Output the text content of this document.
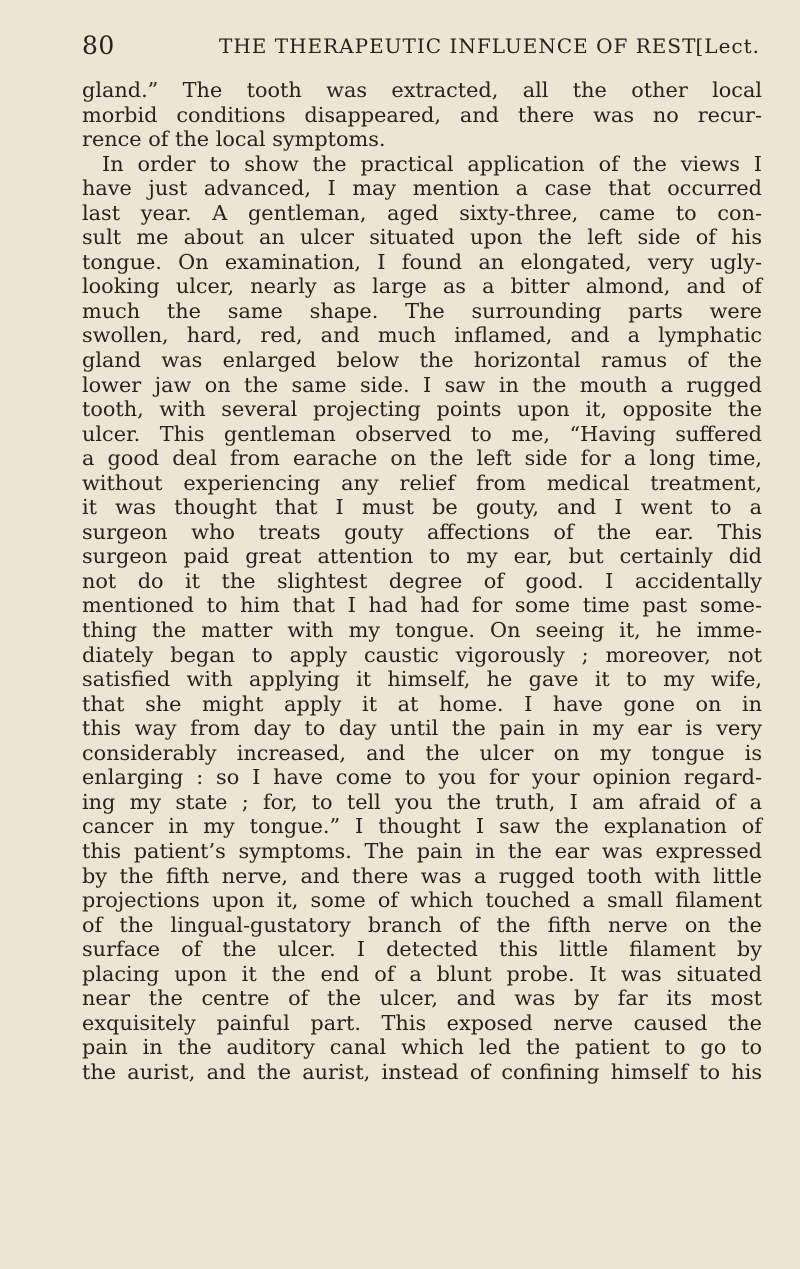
80	THE THERAPEUTIC INFLUENCE OF REST [Lect.
gland.” The tooth was extracted, all the other local
morbid conditions disappeared, and there was no recur-
rence of the local symptoms.
In order to show the practical application of the views I
have just advanced, I may mention a case that occurred
last year. A gentleman, aged sixty-three, came to con-
sult me about an ulcer situated upon the left side of his
tongue. On examination, I found an elongated, very ugly-
looking ulcer, nearly as large as a bitter almond, and of
much the same shape. The surrounding parts were
swollen, hard, red, and much inflamed, and a lymphatic
gland was enlarged below the horizontal ramus of the
lower jaw on the same side. I saw in the mouth a rugged
tooth, with several projecting points upon it, opposite the
ulcer. This gentleman observed to me, “Having suffered
a good deal from earache on the left side for a long time,
without experiencing any relief from medical treatment,
it was thought that I must be gouty, and I went to a
surgeon who treats gouty affections of the ear. This
surgeon paid great attention to my ear, but certainly did
not do it the slightest degree of good. I accidentally
mentioned to him that I had had for some time past some-
thing the matter with my tongue. On seeing it, he imme-
diately began to apply caustic vigorously ; moreover, not
satisfied with applying it himself, he gave it to my wife,
that she might apply it at home. I have gone on in
this way from day to day until the pain in my ear is very
considerably increased, and the ulcer on my tongue is
enlarging : so I have come to you for your opinion regard-
ing my state ; for, to tell you the truth, I am afraid of a
cancer in my tongue.” I thought I saw the explanation of
this patient’s symptoms. The pain in the ear was expressed
by the fifth nerve, and there was a rugged tooth with little
projections upon it, some of which touched a small filament
of the lingual-gustatory branch of the fifth nerve on the
surface of the ulcer. I detected this little filament by
placing upon it the end of a blunt probe. It was situated
near the centre of the ulcer, and was by far its most
exquisitely painful part. This exposed nerve caused the
pain in the auditory canal which led the patient to go to
the aurist, and the aurist, instead of confining himself to his
